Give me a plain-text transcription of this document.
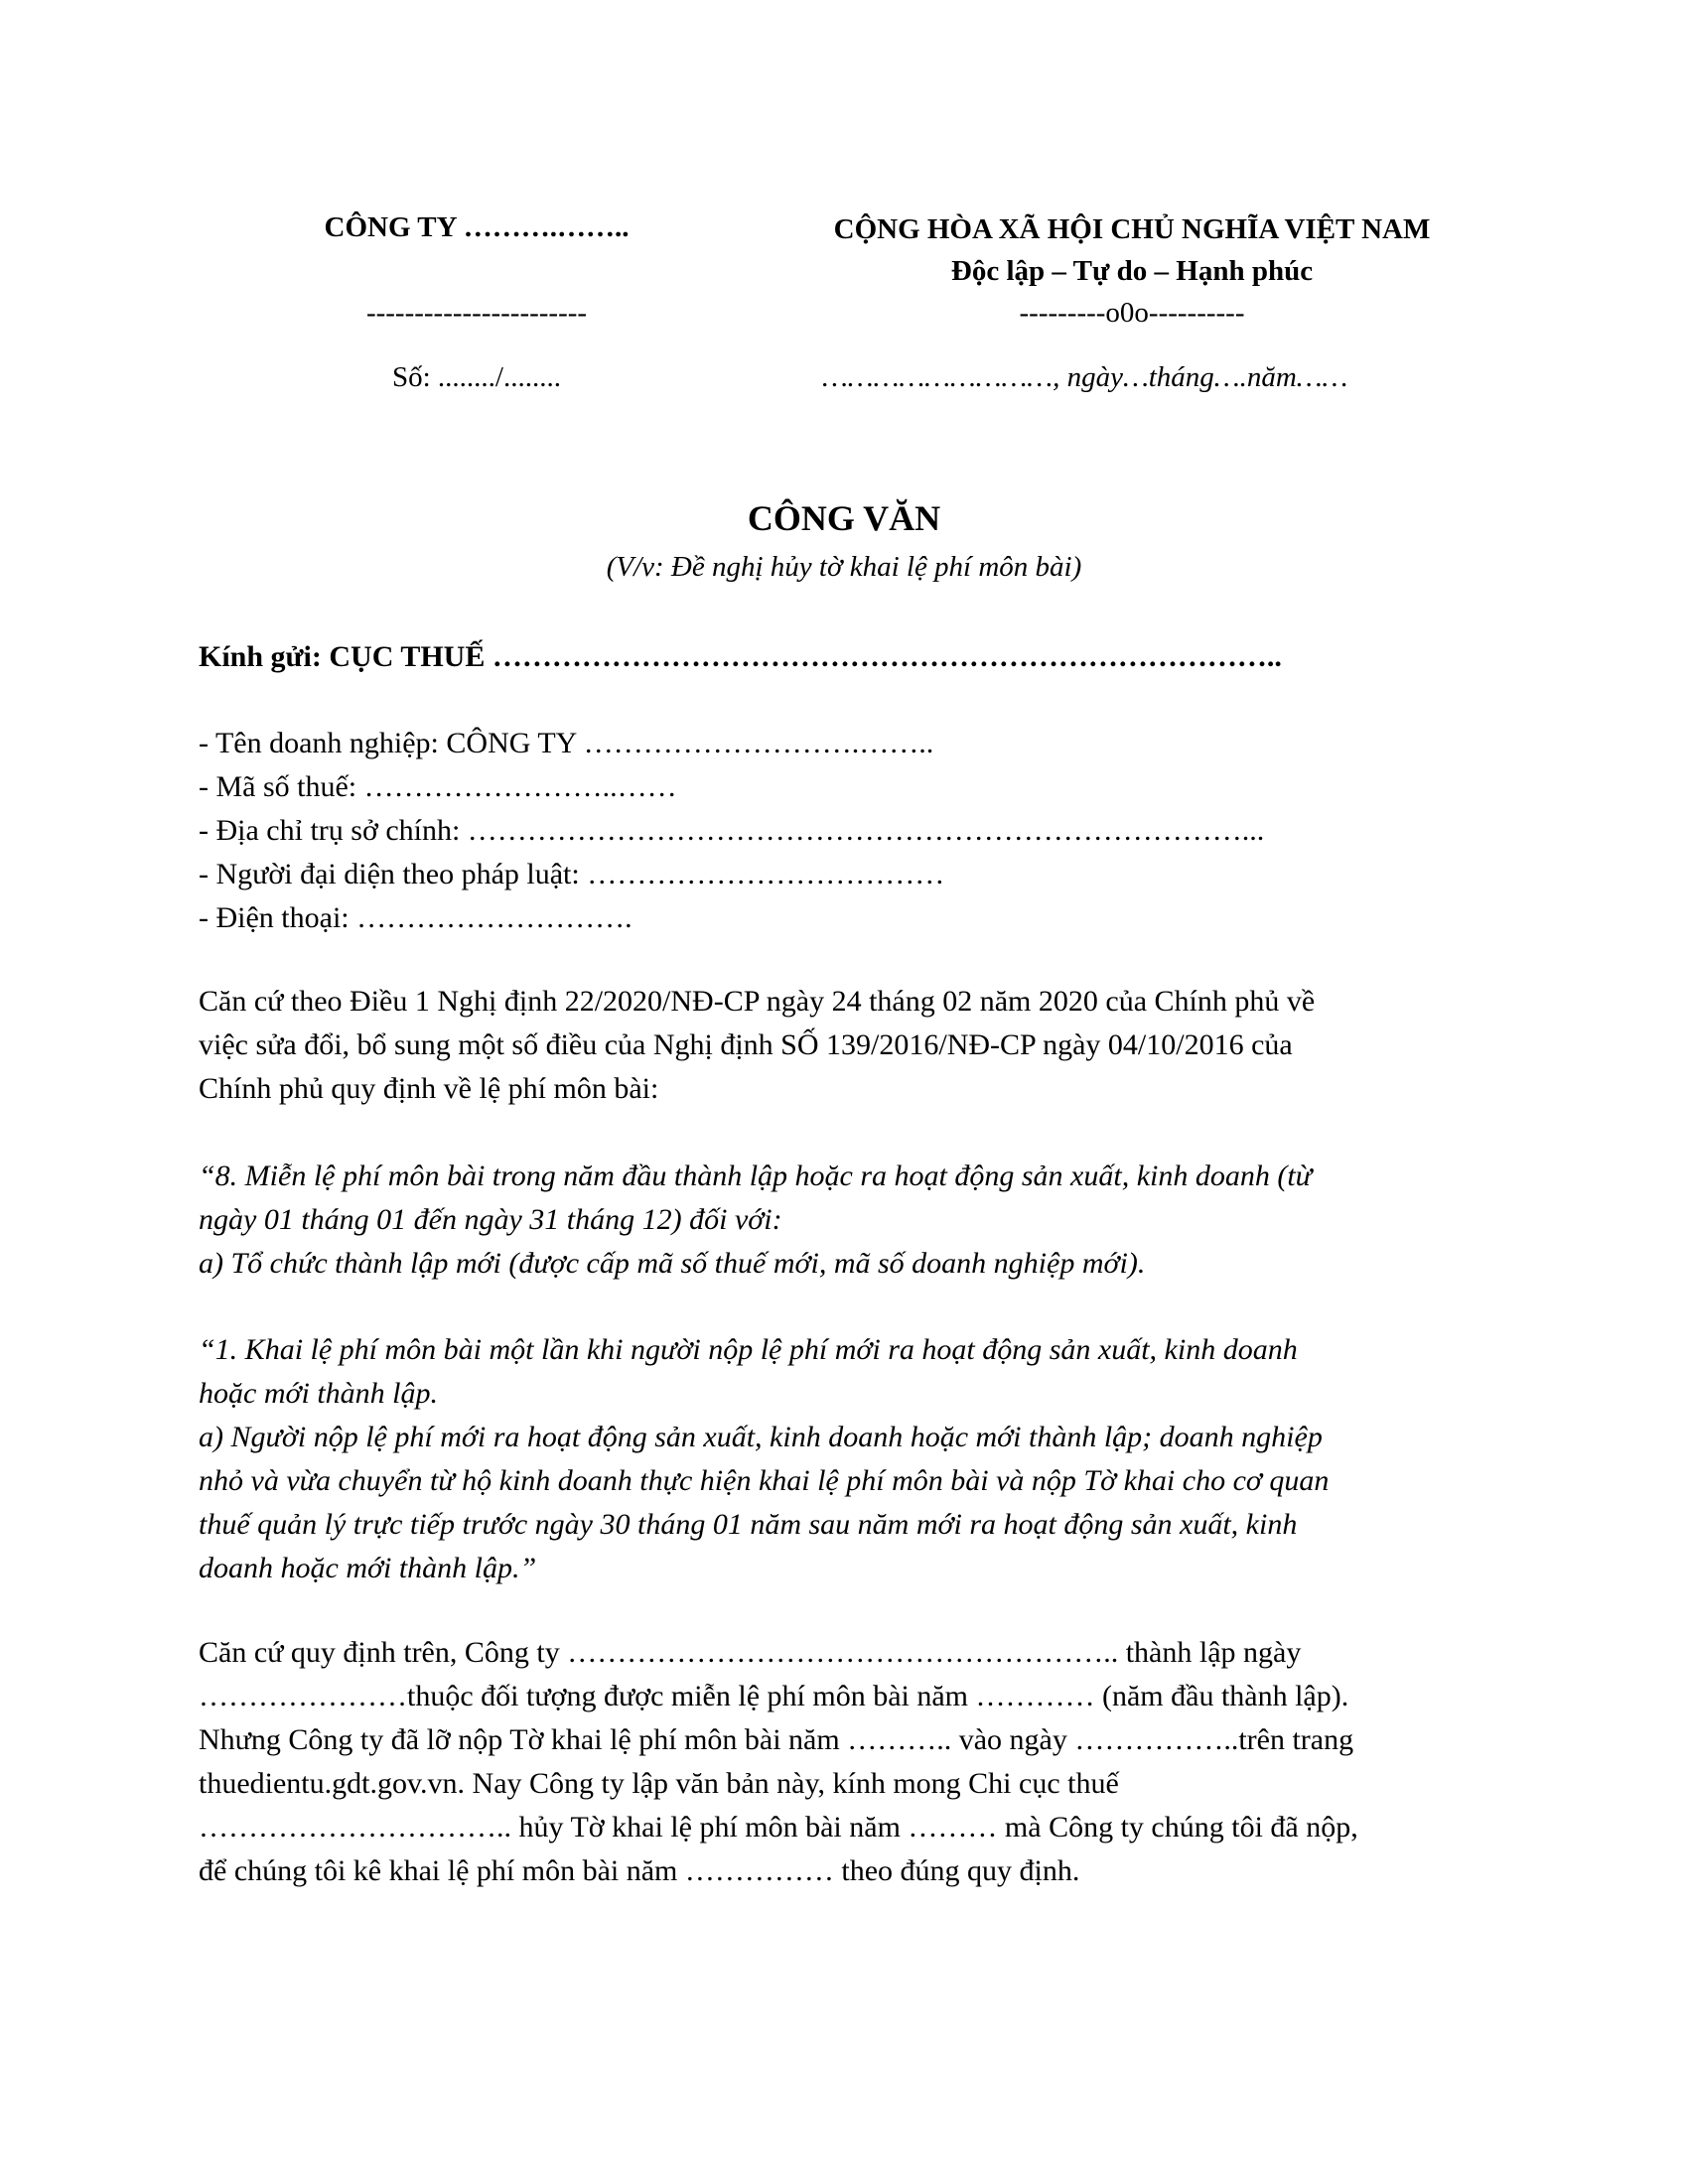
CÔNG TY ……….……..
-----------------------
Số: ......../........
CỘNG HÒA XÃ HỘI CHỦ NGHĨA VIỆT NAM
Độc lập – Tự do – Hạnh phúc
---------o0o----------
………………………, ngày…tháng….năm……
CÔNG VĂN
(V/v: Đề nghị hủy tờ khai lệ phí môn bài)
Kính gửi: CỤC THUẾ ……………………………………………………………………..
- Tên doanh nghiệp: CÔNG TY ……………………….……..
- Mã số thuế: ……………………..……
- Địa chỉ trụ sở chính: ……………………………………………………………………...
- Người đại diện theo pháp luật: ………………………………
- Điện thoại: ……………………….
Căn cứ theo Điều 1 Nghị định 22/2020/NĐ-CP ngày 24 tháng 02 năm 2020 của Chính phủ về
việc sửa đổi, bổ sung một số điều của Nghị định SỐ 139/2016/NĐ-CP ngày 04/10/2016 của
Chính phủ quy định về lệ phí môn bài:
“8. Miễn lệ phí môn bài trong năm đầu thành lập hoặc ra hoạt động sản xuất, kinh doanh (từ
ngày 01 tháng 01 đến ngày 31 tháng 12) đối với:
a) Tổ chức thành lập mới (được cấp mã số thuế mới, mã số doanh nghiệp mới).
“1. Khai lệ phí môn bài một lần khi người nộp lệ phí mới ra hoạt động sản xuất, kinh doanh
hoặc mới thành lập.
a) Người nộp lệ phí mới ra hoạt động sản xuất, kinh doanh hoặc mới thành lập; doanh nghiệp
nhỏ và vừa chuyển từ hộ kinh doanh thực hiện khai lệ phí môn bài và nộp Tờ khai cho cơ quan
thuế quản lý trực tiếp trước ngày 30 tháng 01 năm sau năm mới ra hoạt động sản xuất, kinh
doanh hoặc mới thành lập.”
Căn cứ quy định trên, Công ty ……………………………………………….. thành lập ngày
…………………thuộc đối tượng được miễn lệ phí môn bài năm ………… (năm đầu thành lập).
Nhưng Công ty đã lỡ nộp Tờ khai lệ phí môn bài năm ……….. vào ngày ……………..trên trang
thuedientu.gdt.gov.vn. Nay Công ty lập văn bản này, kính mong Chi cục thuế
………………………….. hủy Tờ khai lệ phí môn bài năm ……… mà Công ty chúng tôi đã nộp,
để chúng tôi kê khai lệ phí môn bài năm …………… theo đúng quy định.
